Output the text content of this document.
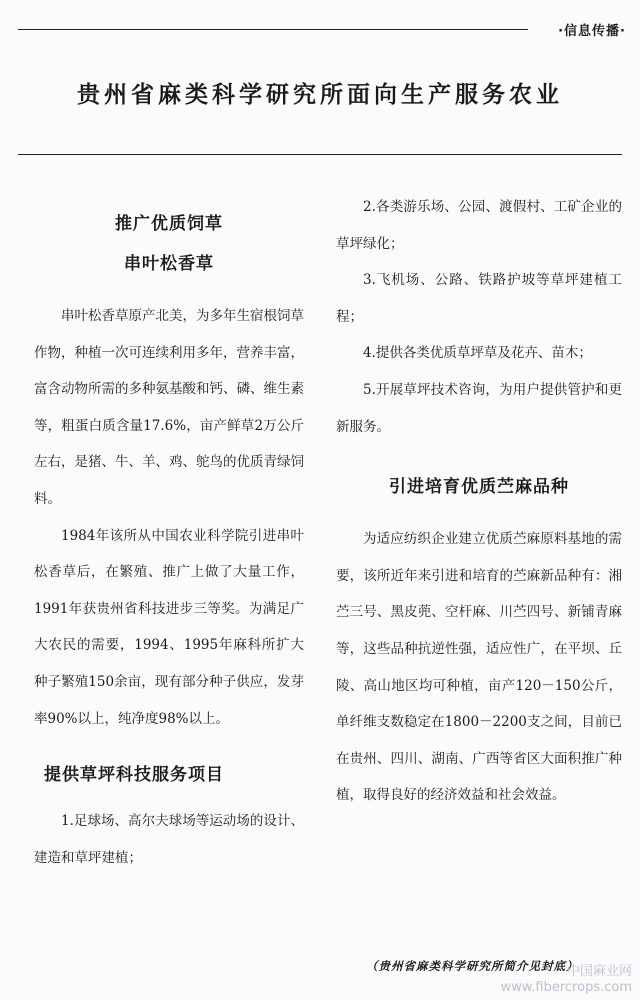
·信息传播·
贵州省麻类科学研究所面向生产服务农业
推广优质饲草
串叶松香草

串叶松香草原产北美，为多年生宿根饲草作物，种植一次可连续利用多年，营养丰富，富含动物所需的多种氨基酸和钙、磷、维生素等，粗蛋白质含量17.6%，亩产鲜草2万公斤左右，是猪、牛、羊、鸡、鸵鸟的优质青绿饲料。

1984年该所从中国农业科学院引进串叶松香草后，在繁殖、推广上做了大量工作，1991年获贵州省科技进步三等奖。为满足广大农民的需要，1994、1995年麻科所扩大种子繁殖150余亩，现有部分种子供应，发芽率90%以上，纯净度98%以上。

提供草坪科技服务项目

1.足球场、高尔夫球场等运动场的设计、建造和草坪建植；

2.各类游乐场、公园、渡假村、工矿企业的草坪绿化；

3.飞机场、公路、铁路护坡等草坪建植工程；

4.提供各类优质草坪草及花卉、苗木；

5.开展草坪技术咨询，为用户提供管护和更新服务。

引进培育优质苎麻品种

为适应纺织企业建立优质苎麻原料基地的需要，该所近年来引进和培育的苎麻新品种有：湘苎三号、黑皮蔸、空杆麻、川苎四号、新铺青麻等，这些品种抗逆性强，适应性广，在平坝、丘陵、高山地区均可种植，亩产120－150公斤，单纤维支数稳定在1800－2200支之间，目前已在贵州、四川、湖南、广西等省区大面积推广种植，取得良好的经济效益和社会效益。

（贵州省麻类科学研究所简介见封底）
中国麻业网
www.fibercrops.com
